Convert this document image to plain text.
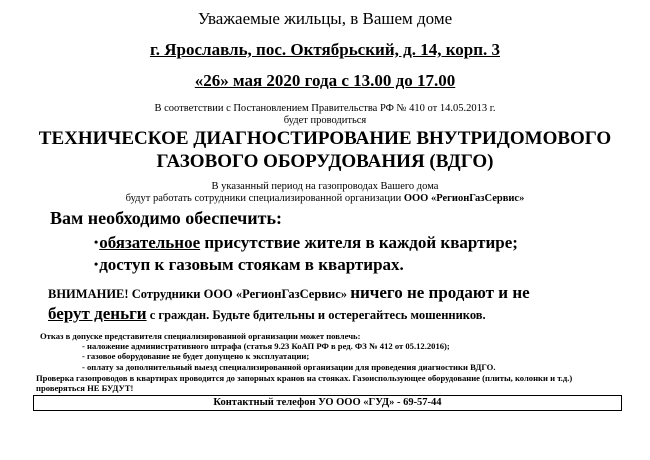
Уважаемые жильцы, в Вашем доме
г. Ярославль, пос. Октябрьский, д. 14, корп. 3
«26» мая 2020 года с 13.00 до 17.00
В соответствии с Постановлением Правительства РФ № 410 от 14.05.2013 г.
будет проводиться
ТЕХНИЧЕСКОЕ ДИАГНОСТИРОВАНИЕ ВНУТРИДОМОВОГО
ГАЗОВОГО ОБОРУДОВАНИЯ (ВДГО)
В указанный период на газопроводах Вашего дома
будут работать сотрудники специализированной организации ООО «РегионГазСервис»
Вам необходимо обеспечить:
•обязательное присутствие жителя в каждой квартире;
•доступ к газовым стоякам в квартирах.
ВНИМАНИЕ! Сотрудники ООО «РегионГазСервис» ничего не продают и не
берут деньги с граждан. Будьте бдительны и остерегайтесь мошенников.
Отказ в допуске представителя специализированной организации может повлечь:
- наложение административного штрафа (статья 9.23 КоАП РФ в ред. ФЗ № 412 от 05.12.2016);
- газовое оборудование не будет допущено к эксплуатации;
- оплату за дополнительный выезд специализированной организации для проведения диагностики ВДГО.
Проверка газопроводов в квартирах проводится до запорных кранов на стояках. Газоиспользующее оборудование (плиты, колонки и т.д.)
проверяться НЕ БУДУТ!
Контактный телефон УО ООО «ГУД» - 69-57-44
